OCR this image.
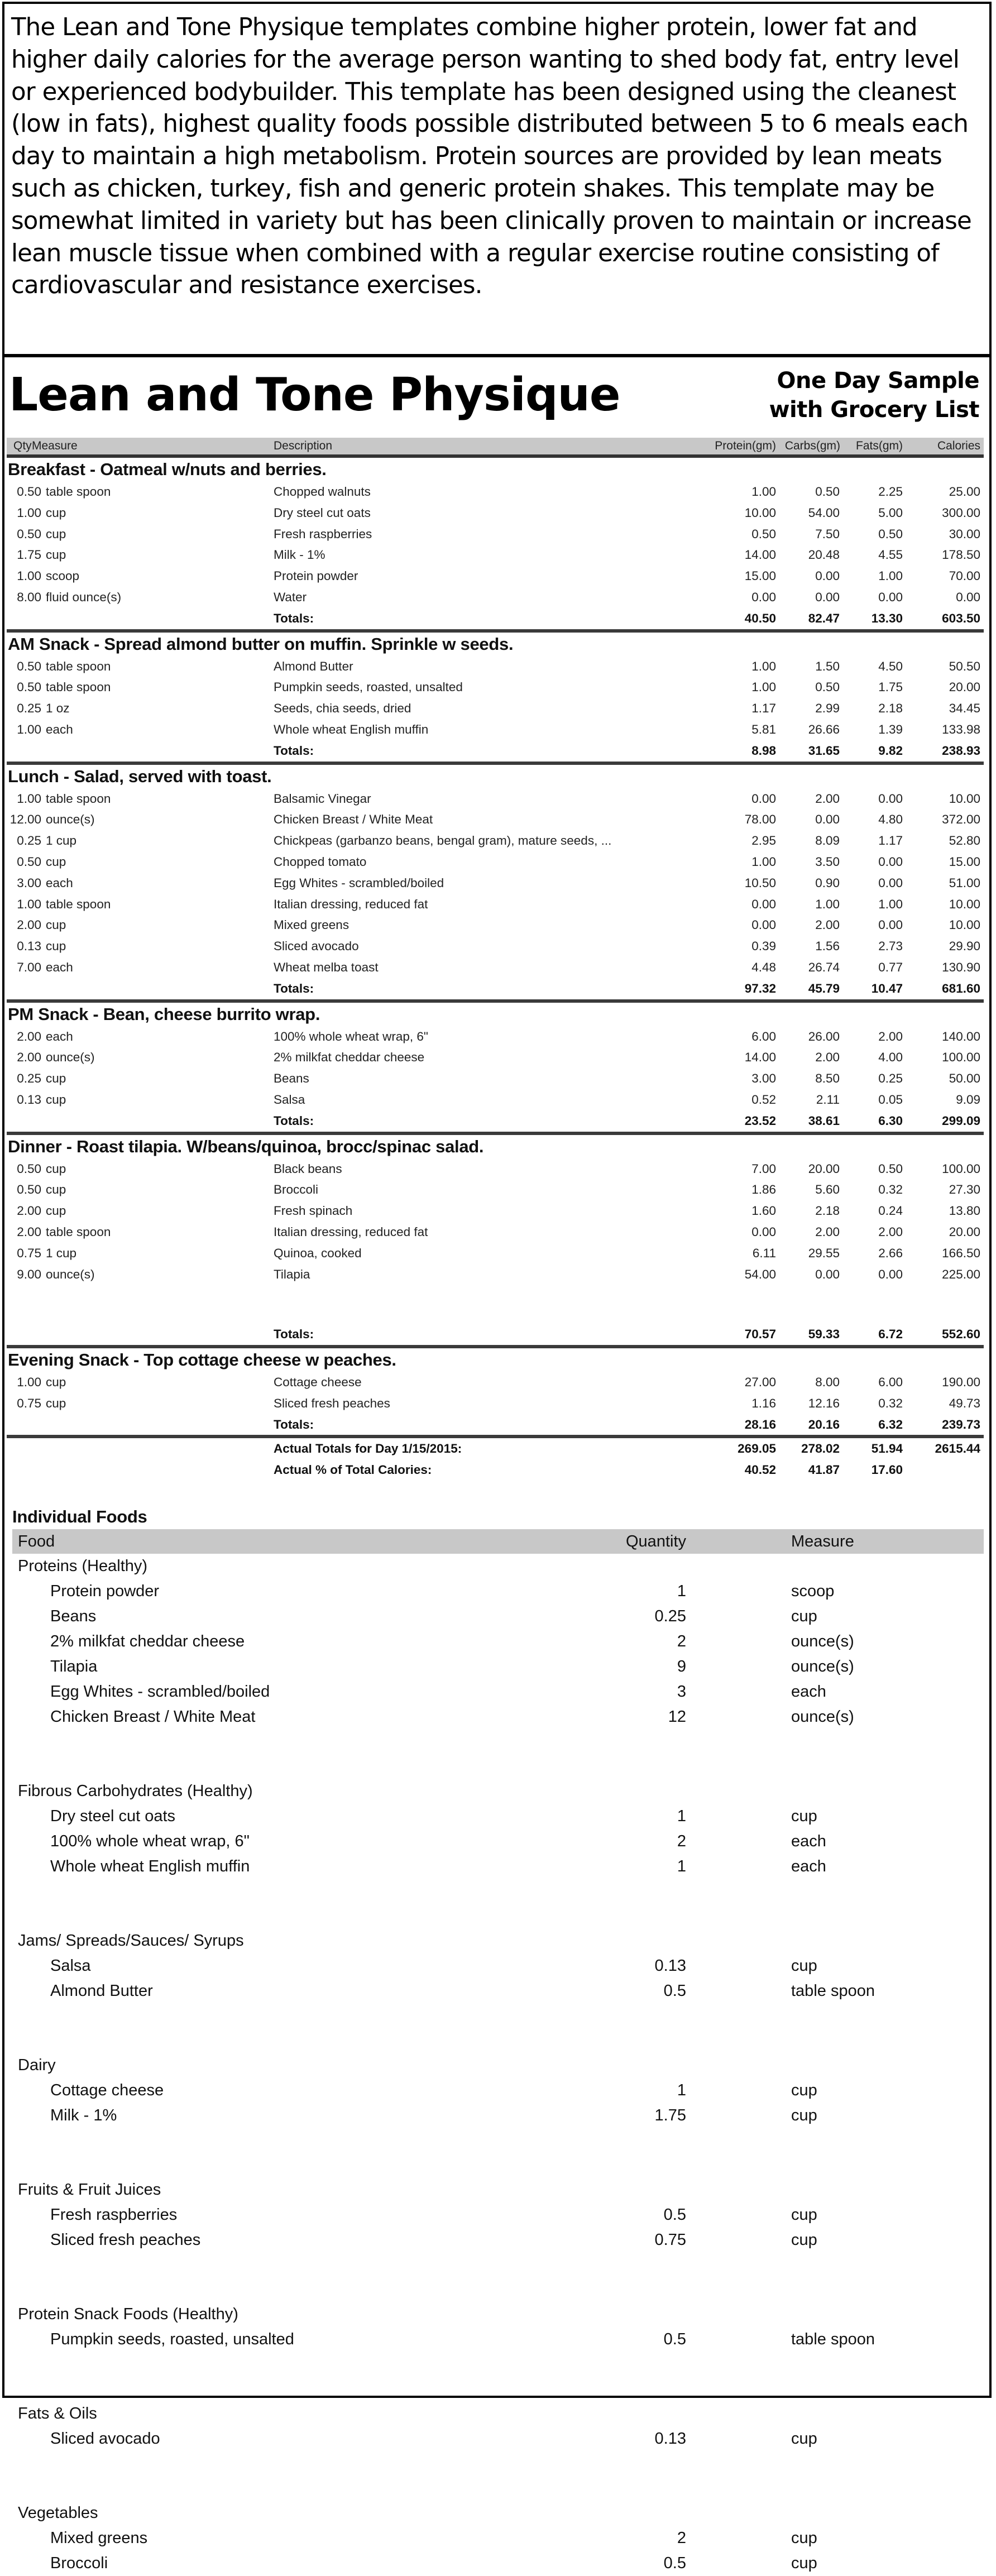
The Lean and Tone Physique templates combine higher protein, lower fat and higher daily calories for the average person wanting to shed body fat, entry level or experienced bodybuilder. This template has been designed using the cleanest (low in fats), highest quality foods possible distributed between 5 to 6 meals each day to maintain a high metabolism. Protein sources are provided by lean meats such as chicken, turkey, fish and generic protein shakes. This template may be somewhat limited in variety but has been clinically proven to maintain or increase lean muscle tissue when combined with a regular exercise routine consisting of cardiovascular and resistance exercises.

Lean and Tone Physique	One Day Sample
with Grocery List
Qty Measure	Description	Protein(gm) Carbs(gm) Fats(gm)	Calories
Breakfast - Oatmeal w/nuts and berries.
0.50 table spoon	Chopped walnuts	1.00	0.50	2.25	25.00
1.00 cup	Dry steel cut oats	10.00	54.00	5.00	300.00
0.50 cup	Fresh raspberries	0.50	7.50	0.50	30.00
1.75 cup	Milk - 1%	14.00	20.48	4.55	178.50
1.00 scoop	Protein powder	15.00	0.00	1.00	70.00
8.00 fluid ounce(s)	Water	0.00	0.00	0.00	0.00
Totals:	40.50	82.47	13.30	603.50
AM Snack - Spread almond butter on muffin. Sprinkle w seeds.
0.50 table spoon	Almond Butter	1.00	1.50	4.50	50.50
0.50 table spoon	Pumpkin seeds, roasted, unsalted	1.00	0.50	1.75	20.00
0.25 1 oz	Seeds, chia seeds, dried	1.17	2.99	2.18	34.45
1.00 each	Whole wheat English muffin	5.81	26.66	1.39	133.98
Totals:	8.98	31.65	9.82	238.93
Lunch - Salad, served with toast.
1.00 table spoon	Balsamic Vinegar	0.00	2.00	0.00	10.00
12.00 ounce(s)	Chicken Breast / White Meat	78.00	0.00	4.80	372.00
0.25 1 cup	Chickpeas (garbanzo beans, bengal gram), mature seeds, ...	2.95	8.09	1.17	52.80
0.50 cup	Chopped tomato	1.00	3.50	0.00	15.00
3.00 each	Egg Whites - scrambled/boiled	10.50	0.90	0.00	51.00
1.00 table spoon	Italian dressing, reduced fat	0.00	1.00	1.00	10.00
2.00 cup	Mixed greens	0.00	2.00	0.00	10.00
0.13 cup	Sliced avocado	0.39	1.56	2.73	29.90
7.00 each	Wheat melba toast	4.48	26.74	0.77	130.90
Totals:	97.32	45.79	10.47	681.60
PM Snack - Bean, cheese burrito wrap.
2.00 each	100% whole wheat wrap, 6"	6.00	26.00	2.00	140.00
2.00 ounce(s)	2% milkfat cheddar cheese	14.00	2.00	4.00	100.00
0.25 cup	Beans	3.00	8.50	0.25	50.00
0.13 cup	Salsa	0.52	2.11	0.05	9.09
Totals:	23.52	38.61	6.30	299.09
Dinner - Roast tilapia. W/beans/quinoa, brocc/spinac salad.
0.50 cup	Black beans	7.00	20.00	0.50	100.00
0.50 cup	Broccoli	1.86	5.60	0.32	27.30
2.00 cup	Fresh spinach	1.60	2.18	0.24	13.80
2.00 table spoon	Italian dressing, reduced fat	0.00	2.00	2.00	20.00
0.75 1 cup	Quinoa, cooked	6.11	29.55	2.66	166.50
9.00 ounce(s)	Tilapia	54.00	0.00	0.00	225.00
Totals:	70.57	59.33	6.72	552.60
Evening Snack - Top cottage cheese w peaches.
1.00 cup	Cottage cheese	27.00	8.00	6.00	190.00
0.75 cup	Sliced fresh peaches	1.16	12.16	0.32	49.73
Totals:	28.16	20.16	6.32	239.73
Actual Totals for Day 1/15/2015:	269.05 278.02	51.94	2615.44
Actual % of Total Calories:	40.52	41.87	17.60
Individual Foods
Food	Quantity	Measure
Proteins (Healthy)
Protein powder	1	scoop
Beans	0.25	cup
2% milkfat cheddar cheese	2	ounce(s)
Tilapia	9	ounce(s)
Egg Whites - scrambled/boiled	3	each
Chicken Breast / White Meat	12	ounce(s)
Fibrous Carbohydrates (Healthy)
Dry steel cut oats	1	cup
100% whole wheat wrap, 6"	2	each
Whole wheat English muffin	1	each
Jams/ Spreads/Sauces/ Syrups
Salsa	0.13	cup
Almond Butter	0.5	table spoon
Dairy
Cottage cheese	1	cup
Milk - 1%	1.75	cup
Fruits & Fruit Juices
Fresh raspberries	0.5	cup
Sliced fresh peaches	0.75	cup
Protein Snack Foods (Healthy)
Pumpkin seeds, roasted, unsalted	0.5	table spoon
Fats & Oils
Sliced avocado	0.13	cup
Vegetables
Mixed greens	2	cup
Broccoli	0.5	cup
